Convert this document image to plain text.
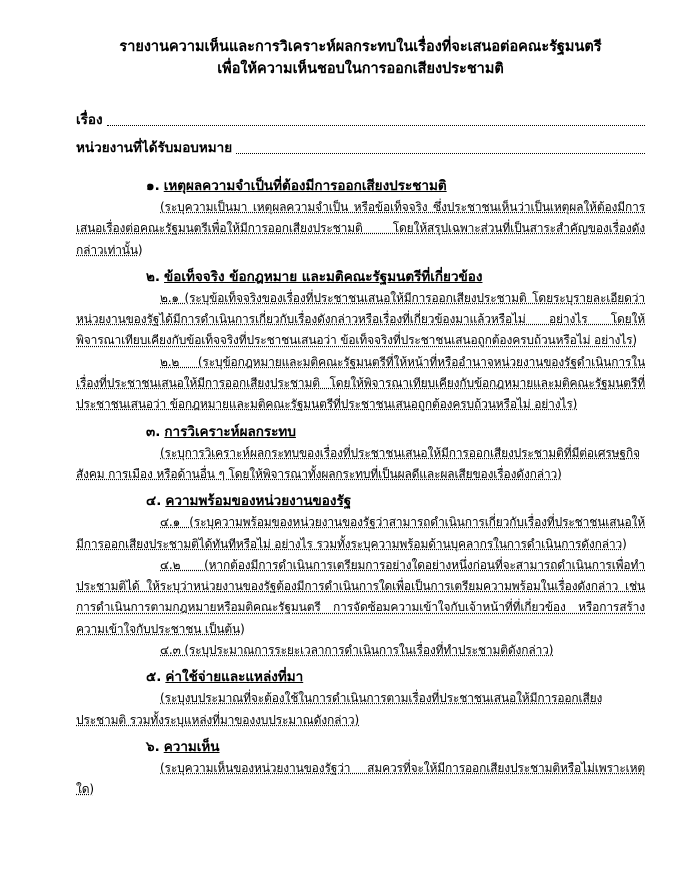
รายงานความเห็นและการวิเคราะห์ผลกระทบในเรื่องที่จะเสนอต่อคณะรัฐมนตรี
เพื่อให้ความเห็นชอบในการออกเสียงประชามติ
เรื่อง
หน่วยงานที่ได้รับมอบหมาย
๑. เหตุผลความจำเป็นที่ต้องมีการออกเสียงประชามติ
(ระบุความเป็นมา เหตุผลความจำเป็น หรือข้อเท็จจริง ซึ่งประชาชนเห็นว่าเป็นเหตุผลให้ต้องมีการเสนอเรื่องต่อคณะรัฐมนตรีเพื่อให้มีการออกเสียงประชามติ โดยให้สรุปเฉพาะส่วนที่เป็นสาระสำคัญของเรื่องดังกล่าวเท่านั้น)
๒. ข้อเท็จจริง ข้อกฎหมาย และมติคณะรัฐมนตรีที่เกี่ยวข้อง
๒.๑ (ระบุข้อเท็จจริงของเรื่องที่ประชาชนเสนอให้มีการออกเสียงประชามติ โดยระบุรายละเอียดว่าหน่วยงานของรัฐได้มีการดำเนินการเกี่ยวกับเรื่องดังกล่าวหรือเรื่องที่เกี่ยวข้องมาแล้วหรือไม่ อย่างไร โดยให้พิจารณาเทียบเคียงกับข้อเท็จจริงที่ประชาชนเสนอว่า ข้อเท็จจริงที่ประชาชนเสนอถูกต้องครบถ้วนหรือไม่ อย่างไร)
๒.๒ (ระบุข้อกฎหมายและมติคณะรัฐมนตรีที่ให้หน้าที่หรืออำนาจหน่วยงานของรัฐดำเนินการในเรื่องที่ประชาชนเสนอให้มีการออกเสียงประชามติ โดยให้พิจารณาเทียบเคียงกับข้อกฎหมายและมติคณะรัฐมนตรีที่ประชาชนเสนอว่า ข้อกฎหมายและมติคณะรัฐมนตรีที่ประชาชนเสนอถูกต้องครบถ้วนหรือไม่ อย่างไร)
๓. การวิเคราะห์ผลกระทบ
(ระบุการวิเคราะห์ผลกระทบของเรื่องที่ประชาชนเสนอให้มีการออกเสียงประชามติที่มีต่อเศรษฐกิจ สังคม การเมือง หรือด้านอื่น ๆ โดยให้พิจารณาทั้งผลกระทบที่เป็นผลดีและผลเสียของเรื่องดังกล่าว)
๔. ความพร้อมของหน่วยงานของรัฐ
๔.๑ (ระบุความพร้อมของหน่วยงานของรัฐว่าสามารถดำเนินการเกี่ยวกับเรื่องที่ประชาชนเสนอให้มีการออกเสียงประชามติได้ทันทีหรือไม่ อย่างไร รวมทั้งระบุความพร้อมด้านบุคลากรในการดำเนินการดังกล่าว)
๔.๒ (หากต้องมีการดำเนินการเตรียมการอย่างใดอย่างหนึ่งก่อนที่จะสามารถดำเนินการเพื่อทำประชามติได้ ให้ระบุว่าหน่วยงานของรัฐต้องมีการดำเนินการใดเพื่อเป็นการเตรียมความพร้อมในเรื่องดังกล่าว เช่น การดำเนินการตามกฎหมายหรือมติคณะรัฐมนตรี การจัดซ้อมความเข้าใจกับเจ้าหน้าที่ที่เกี่ยวข้อง หรือการสร้างความเข้าใจกับประชาชน เป็นต้น)
๔.๓ (ระบุประมาณการระยะเวลาการดำเนินการในเรื่องที่ทำประชามติดังกล่าว)
๕. ค่าใช้จ่ายและแหล่งที่มา
(ระบุงบประมาณที่จะต้องใช้ในการดำเนินการตามเรื่องที่ประชาชนเสนอให้มีการออกเสียงประชามติ รวมทั้งระบุแหล่งที่มาของงบประมาณดังกล่าว)
๖. ความเห็น
(ระบุความเห็นของหน่วยงานของรัฐว่า สมควรที่จะให้มีการออกเสียงประชามติหรือไม่เพราะเหตุใด)
